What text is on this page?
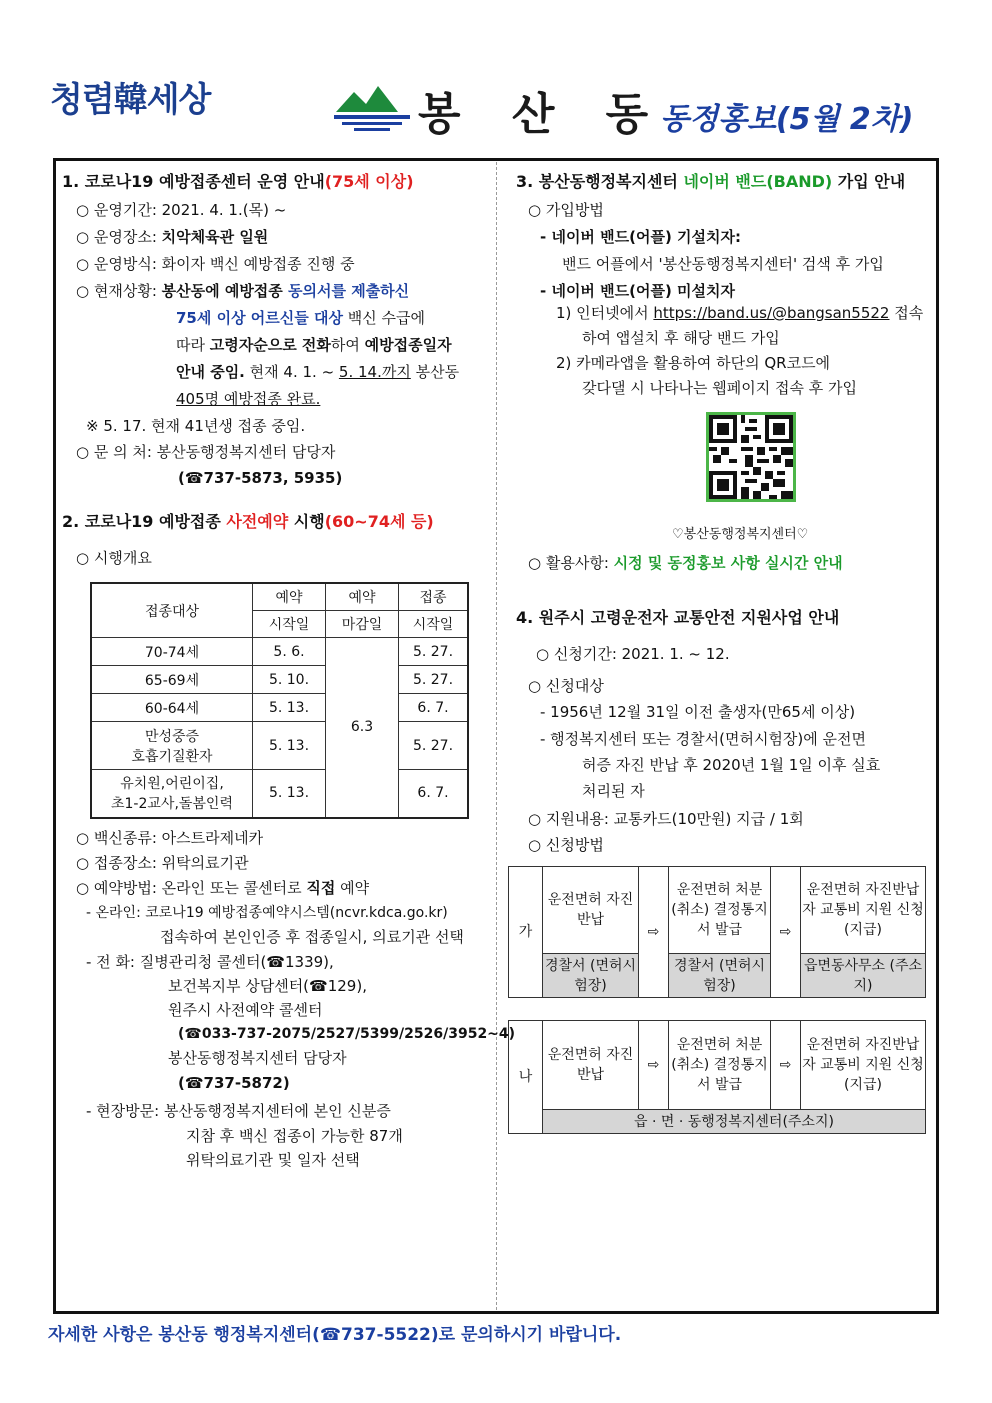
청렴韓세상	봉 산 동
동정홍보(5월 2차)
1. 코로나19 예방접종센터 운영 안내(75세 이상)
○ 운영기간: 2021. 4. 1.(목) ~
○ 운영장소: 치악체육관 일원
○ 운영방식: 화이자 백신 예방접종 진행 중
○ 현재상황: 봉산동에 예방접종 동의서를 제출하신
75세 이상 어르신들 대상 백신 수급에
따라 고령자순으로 전화하여 예방접종일자
안내 중임. 현재 4. 1. ~ 5. 14.까지 봉산동
405명 예방접종 완료.
※ 5. 17. 현재 41년생 접종 중임.
○ 문 의 처: 봉산동행정복지센터 담당자
(☎737-5873, 5935)
2. 코로나19 예방접종 사전예약 시행(60~74세 등)
○ 시행개요
접종대상	예약	예약	접종
	시작일	마감일	시작일
70-74세	5. 6.	6.3	5. 27.
65-69세	5. 10.		5. 27.
60-64세	5. 13.		6. 7.

만성중증
호흡기질환자	5. 13.		5. 27.

유치원,어린이집,
초1-2교사,돌봄인력	5. 13.		6. 7.
○ 백신종류: 아스트라제네카
○ 접종장소: 위탁의료기관
○ 예약방법: 온라인 또는 콜센터로 직접 예약
- 온라인: 코로나19 예방접종예약시스템(ncvr.kdca.go.kr)
접속하여 본인인증 후 접종일시, 의료기관 선택
- 전 화: 질병관리청 콜센터(☎1339),
보건복지부 상담센터(☎129),
원주시 사전예약 콜센터
(☎033-737-2075/2527/5399/2526/3952~4)
봉산동행정복지센터 담당자
(☎737-5872)
- 현장방문: 봉산동행정복지센터에 본인 신분증
지참 후 백신 접종이 가능한 87개
위탁의료기관 및 일자 선택
3. 봉산동행정복지센터 네이버 밴드(BAND) 가입 안내
○ 가입방법
- 네이버 밴드(어플) 기설치자:
밴드 어플에서 '봉산동행정복지센터' 검색 후 가입
- 네이버 밴드(어플) 미설치자
1) 인터넷에서 https://band.us/@bangsan5522 접속
하여 앱설치 후 해당 밴드 가입
2) 카메라앱을 활용하여 하단의 QR코드에
갖다댈 시 나타나는 웹페이지 접속 후 가입
♡봉산동행정복지센터♡
○ 활용사항: 시정 및 동정홍보 사항 실시간 안내
4. 원주시 고령운전자 교통안전 지원사업 안내
○ 신청기간: 2021. 1. ~ 12.
○ 신청대상
- 1956년 12월 31일 이전 출생자(만65세 이상)
- 행정복지센터 또는 경찰서(면허시험장)에 운전면
허증 자진 반납 후 2020년 1월 1일 이후 실효
처리된 자
○ 지원내용: 교통카드(10만원) 지급 / 1회
○ 신청방법
가
운전면허 자진반납
⇨
운전면허 처분(취소) 결정통지서 발급	⇨
운전면허 자진반납자 교통비 지원 신청(지급)
경찰서 (면허시험장)
경찰서 (면허시험장)
읍면동사무소 (주소지)
나
운전면허 자진반납
⇨
운전면허 처분(취소) 결정통지서 발급
⇨
운전면허 자진반납자 교통비 지원 신청(지급)
읍 · 면 · 동행정복지센터(주소지)
자세한 사항은 봉산동 행정복지센터(☎737-5522)로 문의하시기 바랍니다.
